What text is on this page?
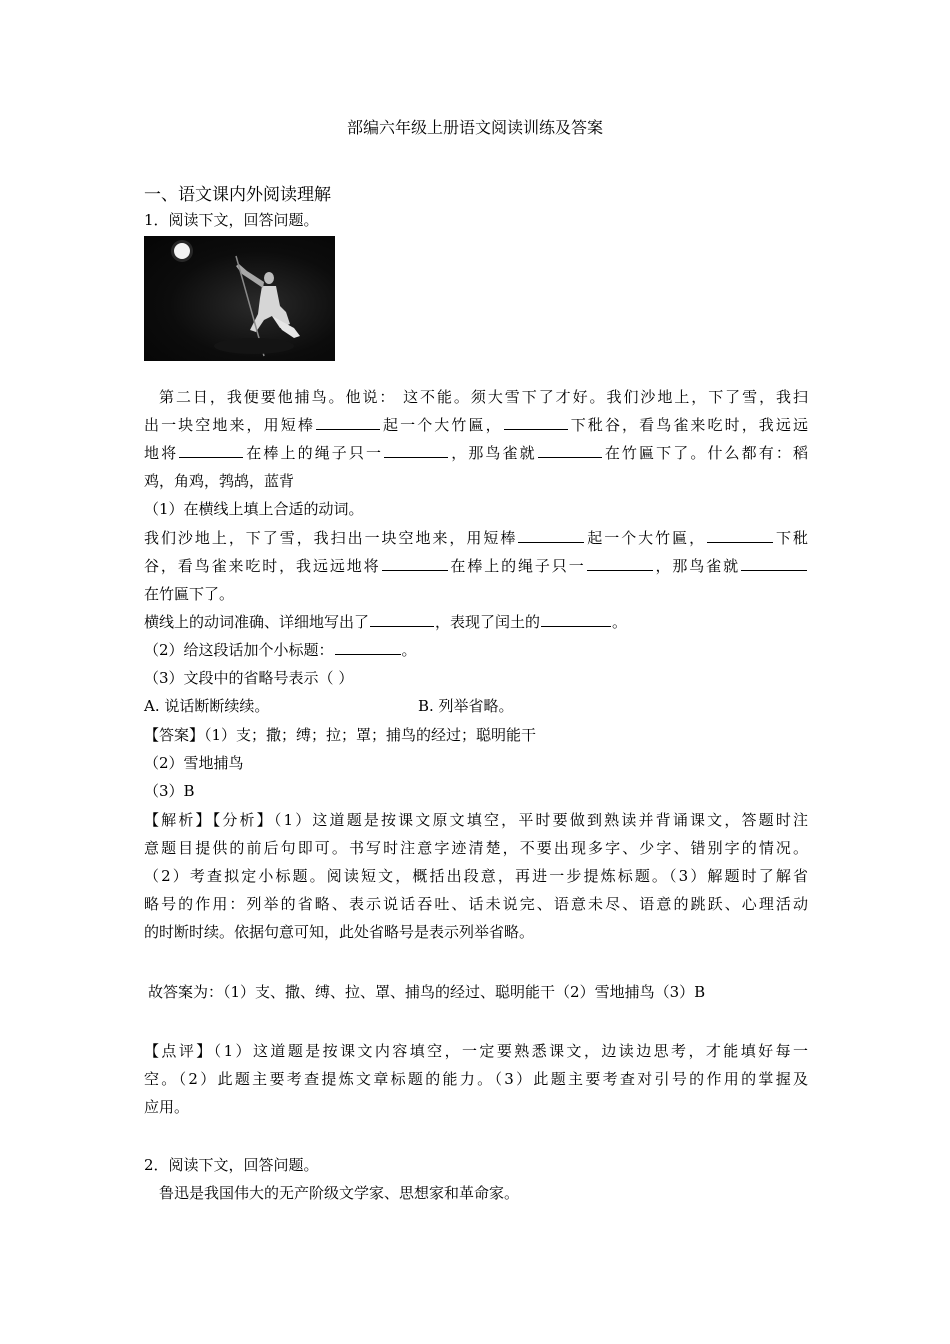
部编六年级上册语文阅读训练及答案
一、语文课内外阅读理解
1．阅读下文，回答问题。
第二日，我便要他捕鸟。他说： 这不能。须大雪下了才好。我们沙地上，下了雪，我扫
出一块空地来，用短棒	起一个大竹匾，	下秕谷，看鸟雀来吃时，我远远
地将	在棒上的绳子只一	，那鸟雀就	在竹匾下了。什么都有：稻
鸡，角鸡，鹁鸪，蓝背
（1）在横线上填上合适的动词。
我们沙地上，下了雪，我扫出一块空地来，用短棒	起一个大竹匾，	下秕
谷，看鸟雀来吃时，我远远地将	在棒上的绳子只一	，那鸟雀就
在竹匾下了。
横线上的动词准确、详细地写出了	，表现了闰土的	。
（2）给这段话加个小标题：	。
（3）文段中的省略号表示（ ）
A. 说话断断续续。	B. 列举省略。
【答案】（1）支；撒；缚；拉；罩；捕鸟的经过；聪明能干
（2）雪地捕鸟
（3）B
【解析】【分析】（1）这道题是按课文原文填空，平时要做到熟读并背诵课文，答题时注
意题目提供的前后句即可。书写时注意字迹清楚，不要出现多字、少字、错别字的情况。
（2）考查拟定小标题。阅读短文，概括出段意，再进一步提炼标题。（3）解题时了解省
略号的作用：列举的省略、表示说话吞吐、话未说完、语意未尽、语意的跳跃、心理活动
的时断时续。依据句意可知，此处省略号是表示列举省略。
故答案为：（1）支、撒、缚、拉、罩、捕鸟的经过、聪明能干（2）雪地捕鸟（3）B
【点评】（1）这道题是按课文内容填空，一定要熟悉课文，边读边思考，才能填好每一
空。（2）此题主要考查提炼文章标题的能力。（3）此题主要考查对引号的作用的掌握及
应用。
2．阅读下文，回答问题。
鲁迅是我国伟大的无产阶级文学家、思想家和革命家。
